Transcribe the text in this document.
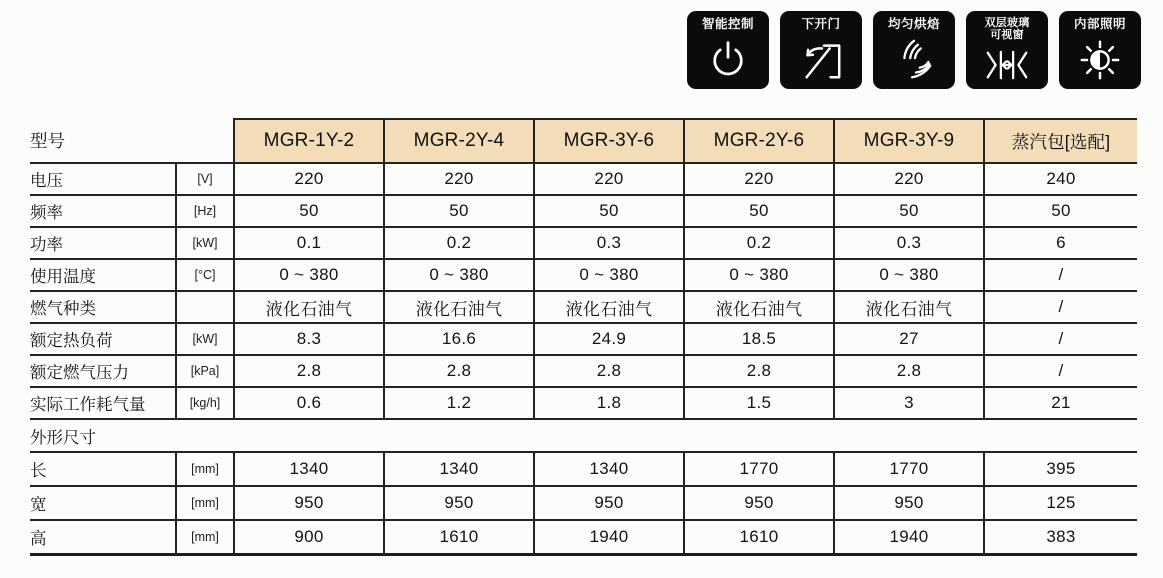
智能控制	下开门	均匀烘焙	双层玻璃
可视窗
内部照明
型号		MGR-1Y-2	MGR-2Y-4	MGR-3Y-6	MGR-2Y-6	MGR-3Y-9	蒸汽包[选配]
电压	[V]	220	220	220	220	220	240
频率	[Hz]	50	50	50	50	50	50
功率	[kW]	0.1	0.2	0.3	0.2	0.3	6
使用温度	[°C]	0 ~ 380	0 ~ 380	0 ~ 380	0 ~ 380	0 ~ 380	/
燃气种类		液化石油气	液化石油气	液化石油气	液化石油气	液化石油气	/
额定热负荷	[kW]	8.3	16.6	24.9	18.5	27	/
额定燃气压力	[kPa]	2.8	2.8	2.8	2.8	2.8	/
实际工作耗气量	[kg/h]	0.6	1.2	1.8	1.5	3	21
外形尺寸							
长	[mm]	1340	1340	1340	1770	1770	395
宽	[mm]	950	950	950	950	950	125
高	[mm]	900	1610	1940	1610	1940	383
